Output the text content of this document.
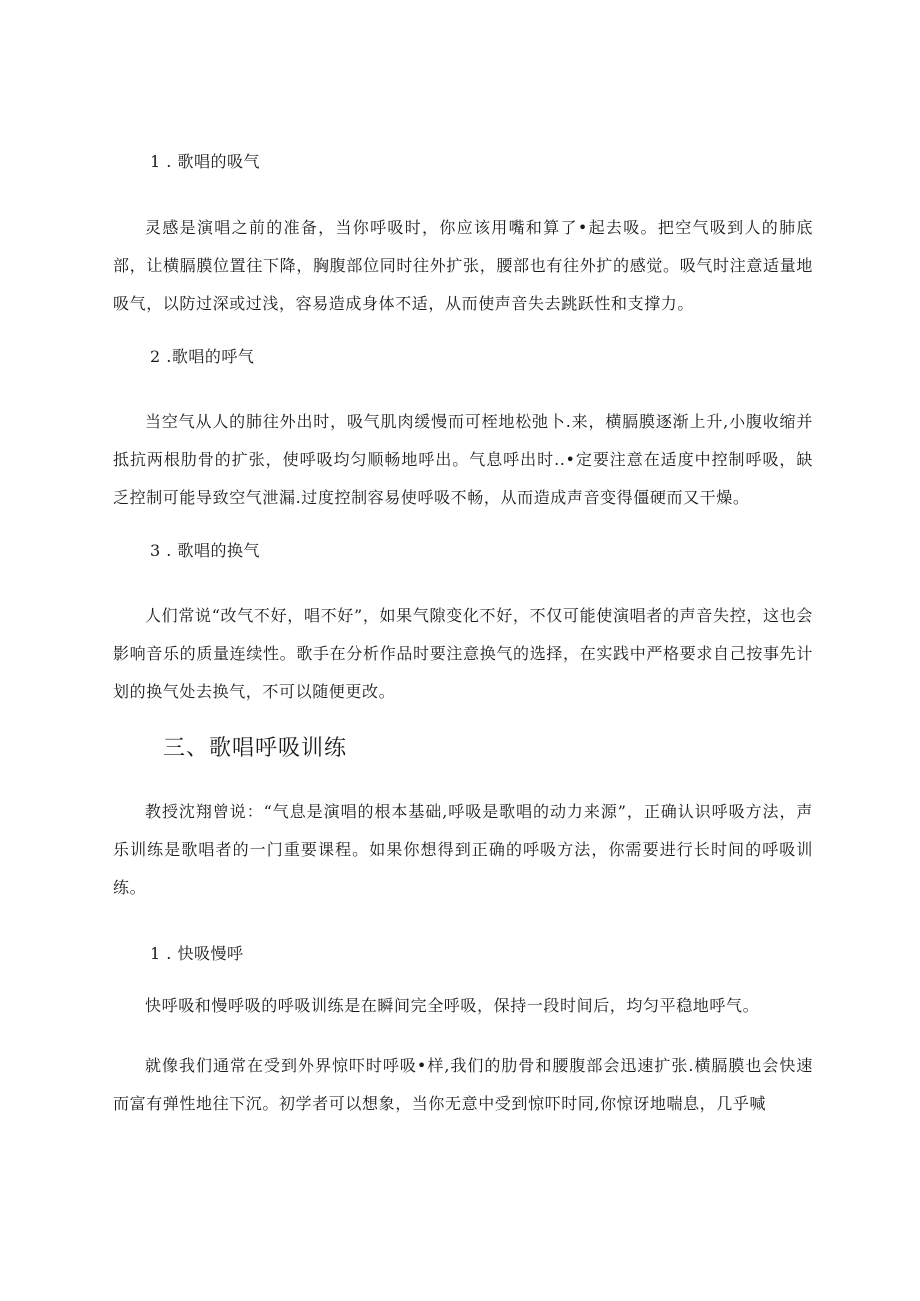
1 . 歌唱的吸气

灵感是演唱之前的准备，当你呼吸时，你应该用嘴和算了•起去吸。把空气吸到人的肺底部，让横膈膜位置往下降，胸腹部位同时往外扩张，腰部也有往外扩的感觉。吸气时注意适量地吸气，以防过深或过浅，容易造成身体不适，从而使声音失去跳跃性和支撑力。

2 .歌唱的呼气

当空气从人的肺往外出时，吸气肌肉缓慢而可桎地松弛卜.来，横膈膜逐渐上升,小腹收缩并抵抗两根肋骨的扩张，使呼吸均匀顺畅地呼出。气息呼出时..•定要注意在适度中控制呼吸，缺乏控制可能导致空气泄漏.过度控制容易使呼吸不畅，从而造成声音变得僵硬而又干燥。

3 . 歌唱的换气

人们常说“改气不好，唱不好”，如果气隙变化不好，不仅可能使演唱者的声音失控，这也会影响音乐的质量连续性。歌手在分析作品时要注意换气的选择，在实践中严格要求自己按事先计划的换气处去换气，不可以随便更改。

三、歌唱呼吸训练

教授沈翔曾说：“气息是演唱的根本基础,呼吸是歌唱的动力来源”，正确认识呼吸方法，声乐训练是歌唱者的一门重要课程。如果你想得到正确的呼吸方法，你需要进行长时间的呼吸训练。

1 . 快吸慢呼

快呼吸和慢呼吸的呼吸训练是在瞬间完全呼吸，保持一段时间后，均匀平稳地呼气。

就像我们通常在受到外界惊吓时呼吸•样,我们的肋骨和腰腹部会迅速扩张.横膈膜也会快速而富有弹性地往下沉。初学者可以想象，当你无意中受到惊吓时同,你惊讶地喘息，几乎喊
